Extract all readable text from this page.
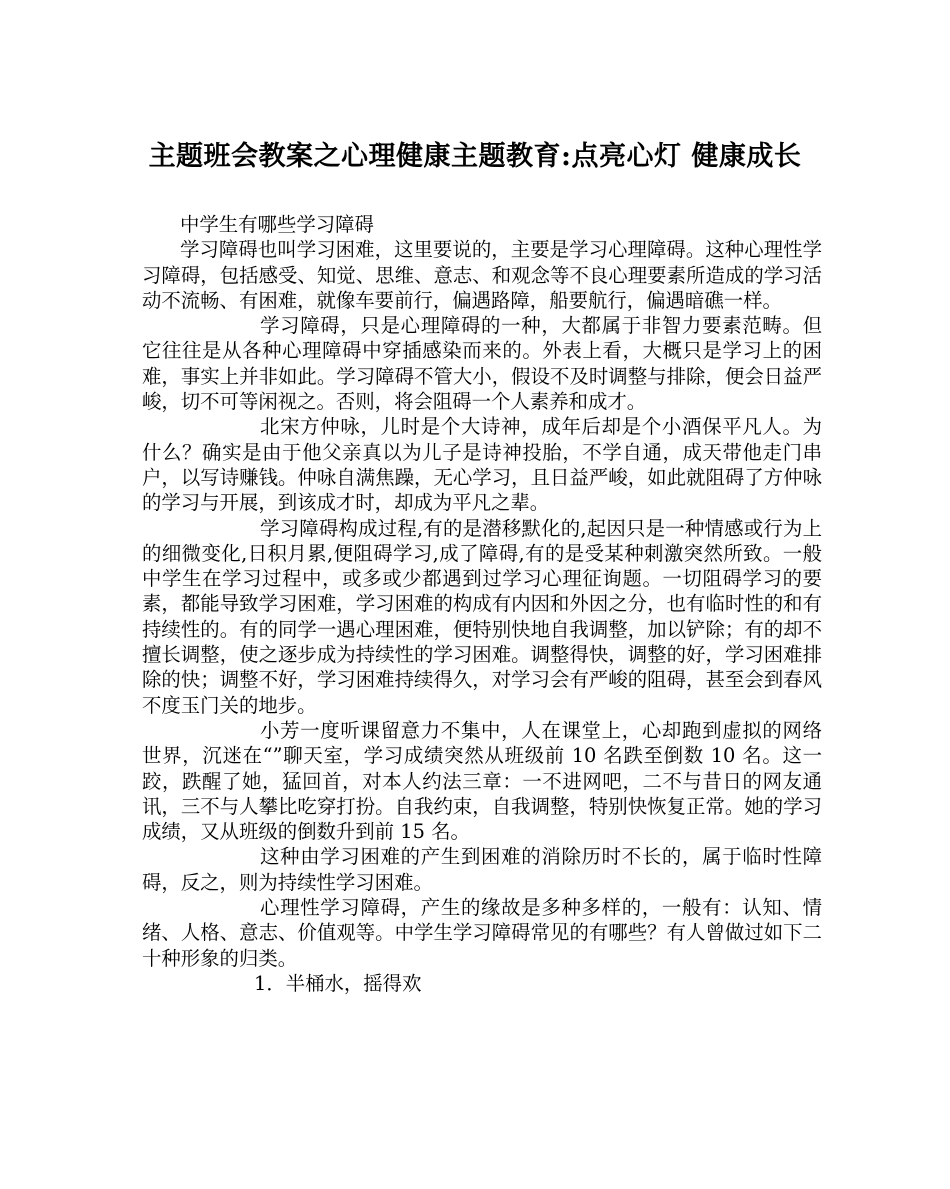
主题班会教案之心理健康主题教育:点亮心灯 健康成长

中学生有哪些学习障碍

学习障碍也叫学习困难，这里要说的，主要是学习心理障碍。这种心理性学习障碍，包括感受、知觉、思维、意志、和观念等不良心理要素所造成的学习活动不流畅、有困难，就像车要前行，偏遇路障，船要航行，偏遇暗礁一样。

学习障碍，只是心理障碍的一种，大都属于非智力要素范畴。但它往往是从各种心理障碍中穿插感染而来的。外表上看，大概只是学习上的困难，事实上并非如此。学习障碍不管大小，假设不及时调整与排除，便会日益严峻，切不可等闲视之。否则，将会阻碍一个人素养和成才。

北宋方仲咏，儿时是个大诗神，成年后却是个小酒保平凡人。为什么？确实是由于他父亲真以为儿子是诗神投胎，不学自通，成天带他走门串户，以写诗赚钱。仲咏自满焦躁，无心学习，且日益严峻，如此就阻碍了方仲咏的学习与开展，到该成才时，却成为平凡之辈。

学习障碍构成过程,有的是潜移默化的,起因只是一种情感或行为上的细微变化,日积月累,便阻碍学习,成了障碍,有的是受某种刺激突然所致。一般中学生在学习过程中，或多或少都遇到过学习心理征询题。一切阻碍学习的要素，都能导致学习困难，学习困难的构成有内因和外因之分，也有临时性的和有持续性的。有的同学一遇心理困难，便特别快地自我调整，加以铲除；有的却不擅长调整，使之逐步成为持续性的学习困难。调整得快，调整的好，学习困难排除的快；调整不好，学习困难持续得久，对学习会有严峻的阻碍，甚至会到春风不度玉门关的地步。

小芳一度听课留意力不集中，人在课堂上，心却跑到虚拟的网络世界，沉迷在“”聊天室，学习成绩突然从班级前 10 名跌至倒数 10 名。这一跤，跌醒了她，猛回首，对本人约法三章：一不进网吧，二不与昔日的网友通讯，三不与人攀比吃穿打扮。自我约束，自我调整，特别快恢复正常。她的学习成绩，又从班级的倒数升到前 15 名。

这种由学习困难的产生到困难的消除历时不长的，属于临时性障碍，反之，则为持续性学习困难。

心理性学习障碍，产生的缘故是多种多样的，一般有：认知、情绪、人格、意志、价值观等。中学生学习障碍常见的有哪些？有人曾做过如下二十种形象的归类。

1．半桶水，摇得欢
